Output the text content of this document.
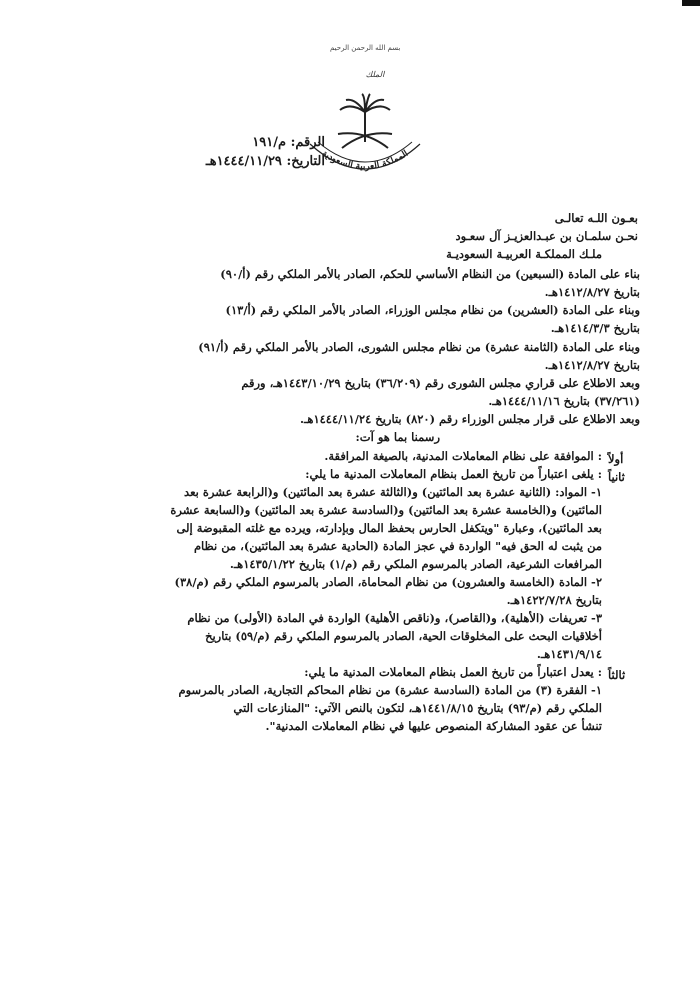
بسم الله الرحمن الرحيم
الملك
المملكة العربية السعودية
الرقم: م/١٩١
التاريخ: ١٤٤٤/١١/٢٩هـ
بعـون اللـه تعالـى
نحـن سلمـان بن عبـدالعزيـز آل سعـود
ملـك المملكـة العربيـة السعوديـة
بناء على المادة (السبعين) من النظام الأساسي للحكم، الصادر بالأمر الملكي رقم (أ/٩٠)
بتاريخ ١٤١٢/٨/٢٧هـ.
وبناء على المادة (العشرين) من نظام مجلس الوزراء، الصادر بالأمر الملكي رقم (أ/١٣)
بتاريخ ١٤١٤/٣/٣هـ.
وبناء على المادة (الثامنة عشرة) من نظام مجلس الشورى، الصادر بالأمر الملكي رقم (أ/٩١)
بتاريخ ١٤١٢/٨/٢٧هـ.
وبعد الاطلاع على قراري مجلس الشورى رقم (٣٦/٢٠٩) بتاريخ ١٤٤٣/١٠/٢٩هـ، ورقم
(٣٧/٢٦١) بتاريخ ١٤٤٤/١١/١٦هـ.
وبعد الاطلاع على قرار مجلس الوزراء رقم (٨٢٠) بتاريخ ١٤٤٤/١١/٢٤هـ.
رسمنا بما هو آت:
أولاً
: الموافقة على نظام المعاملات المدنية، بالصيغة المرافقة.
ثانياً
: يلغى اعتباراً من تاريخ العمل بنظام المعاملات المدنية ما يلي:
١- المواد: (الثانية عشرة بعد المائتين) و(الثالثة عشرة بعد المائتين) و(الرابعة عشرة بعد
المائتين) و(الخامسة عشرة بعد المائتين) و(السادسة عشرة بعد المائتين) و(السابعة عشرة
بعد المائتين)، وعبارة "ويتكفل الحارس بحفظ المال وبإدارته، ويرده مع غلته المقبوضة إلى
من يثبت له الحق فيه" الواردة في عجز المادة (الحادية عشرة بعد المائتين)، من نظام
المرافعات الشرعية، الصادر بالمرسوم الملكي رقم (م/١) بتاريخ ١٤٣٥/١/٢٢هـ.
٢- المادة (الخامسة والعشرون) من نظام المحاماة، الصادر بالمرسوم الملكي رقم (م/٣٨)
بتاريخ ١٤٢٢/٧/٢٨هـ.
٣- تعريفات (الأهلية)، و(القاصر)، و(ناقص الأهلية) الواردة في المادة (الأولى) من نظام
أخلاقيات البحث على المخلوقات الحية، الصادر بالمرسوم الملكي رقم (م/٥٩) بتاريخ
١٤٣١/٩/١٤هـ.
ثالثاً
: يعدل اعتباراً من تاريخ العمل بنظام المعاملات المدنية ما يلي:
١- الفقرة (٣) من المادة (السادسة عشرة) من نظام المحاكم التجارية، الصادر بالمرسوم
الملكي رقم (م/٩٣) بتاريخ ١٤٤١/٨/١٥هـ، لتكون بالنص الآتي: "المنازعات التي
تنشأ عن عقود المشاركة المنصوص عليها في نظام المعاملات المدنية".
